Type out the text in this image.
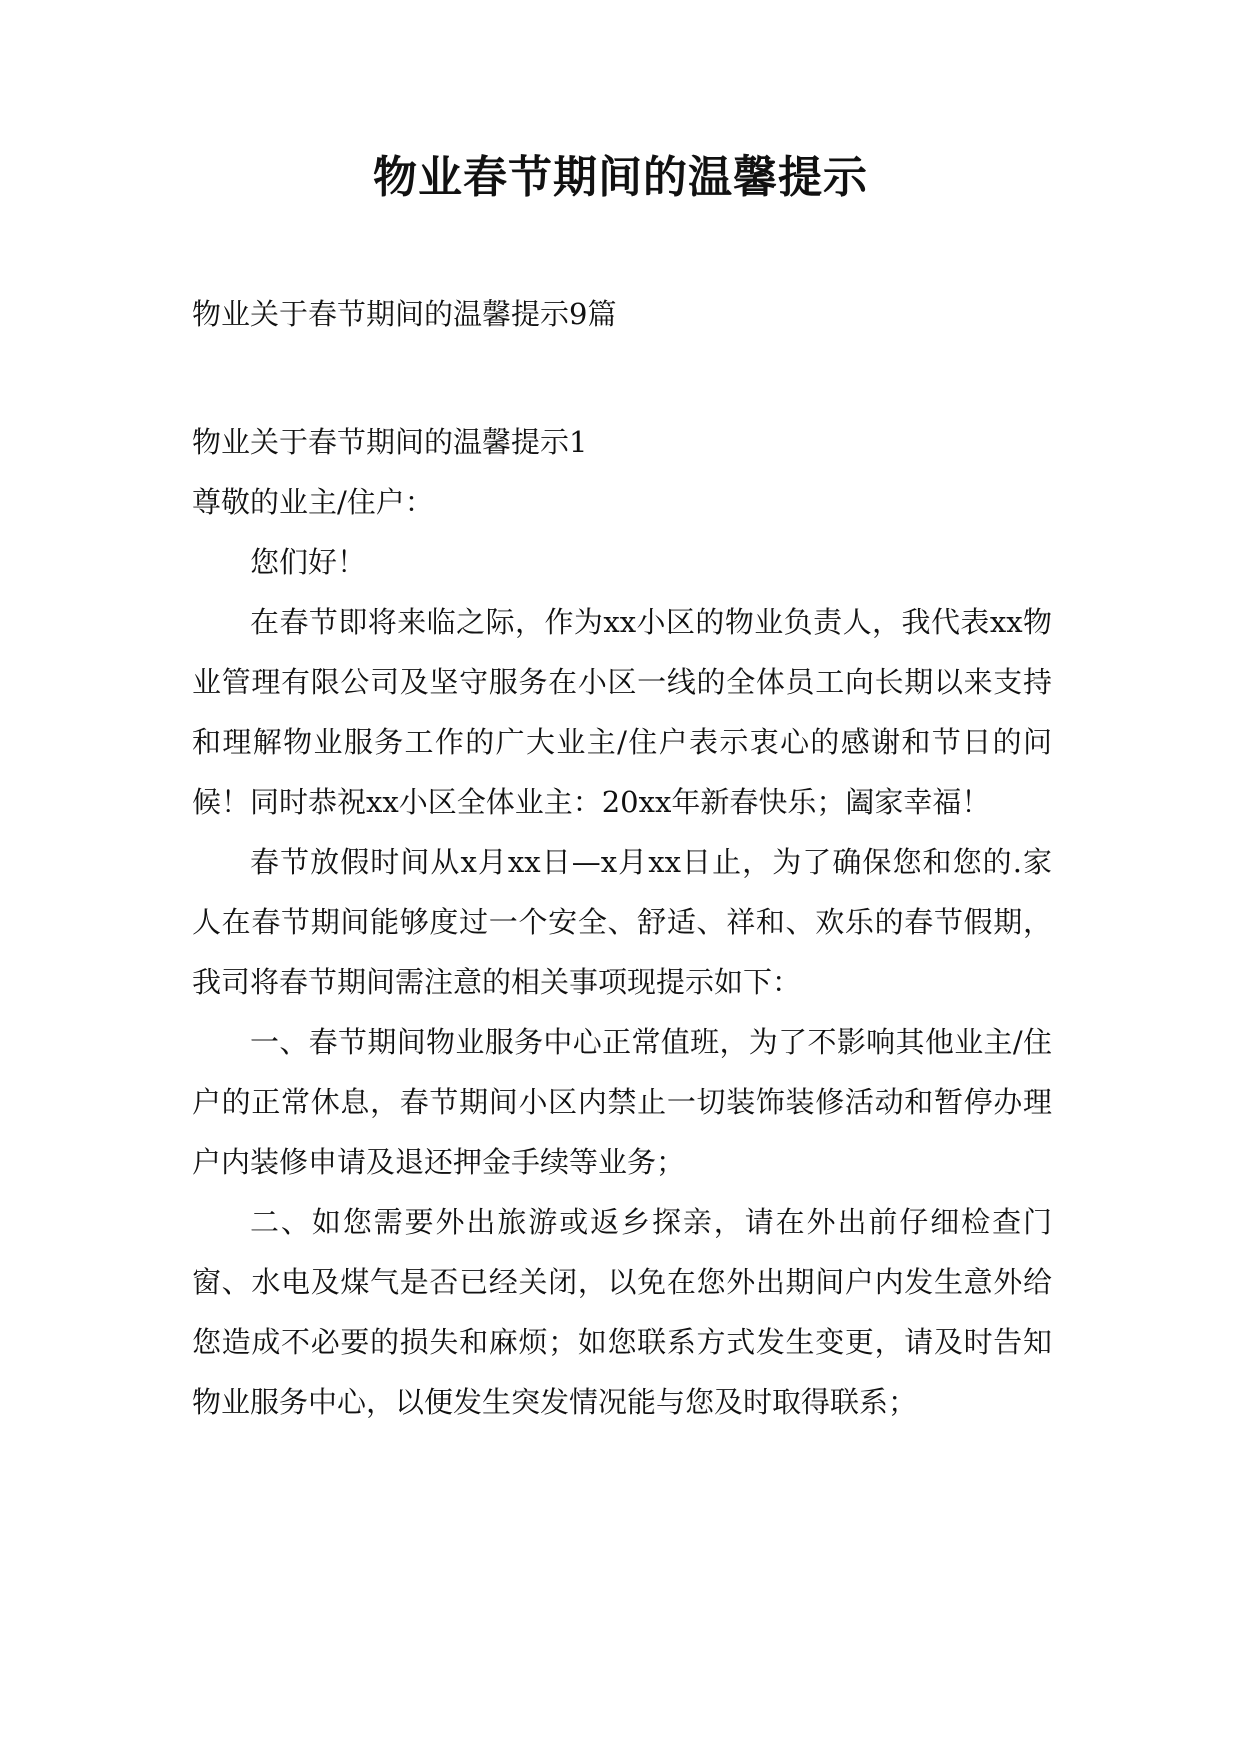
物业春节期间的温馨提示

物业关于春节期间的温馨提示9篇

物业关于春节期间的温馨提示1

尊敬的业主/住户：

您们好！

在春节即将来临之际，作为xx小区的物业负责人，我代表xx物业管理有限公司及坚守服务在小区一线的全体员工向长期以来支持和理解物业服务工作的广大业主/住户表示衷心的感谢和节日的问候！同时恭祝xx小区全体业主：20xx年新春快乐；阖家幸福！

春节放假时间从x月xx日—x月xx日止，为了确保您和您的.家人在春节期间能够度过一个安全、舒适、祥和、欢乐的春节假期，我司将春节期间需注意的相关事项现提示如下：

一、春节期间物业服务中心正常值班，为了不影响其他业主/住户的正常休息，春节期间小区内禁止一切装饰装修活动和暂停办理户内装修申请及退还押金手续等业务；

二、如您需要外出旅游或返乡探亲，请在外出前仔细检查门窗、水电及煤气是否已经关闭，以免在您外出期间户内发生意外给您造成不必要的损失和麻烦；如您联系方式发生变更，请及时告知物业服务中心，以便发生突发情况能与您及时取得联系；
